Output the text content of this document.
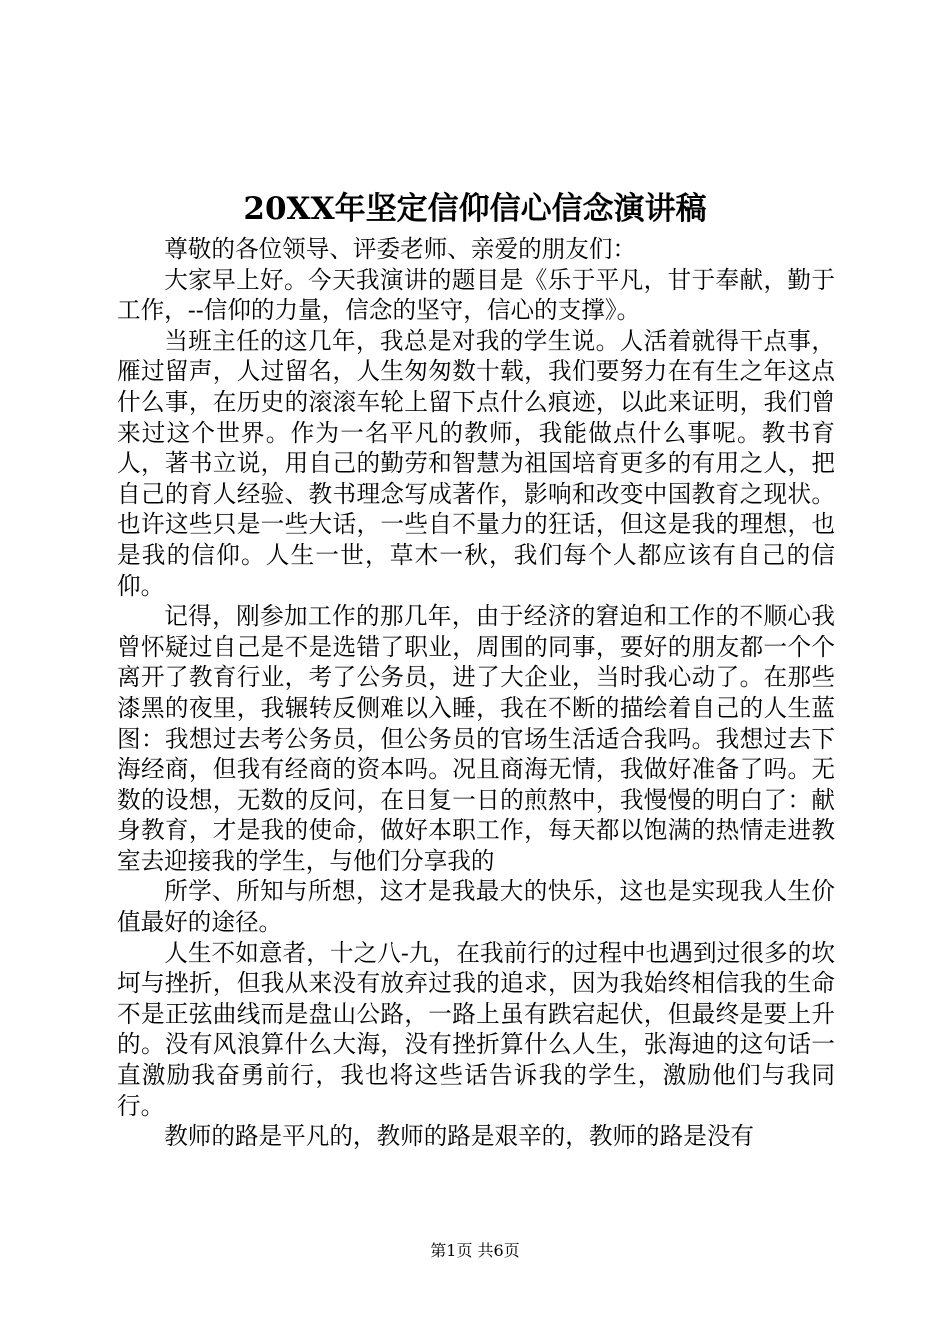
20XX年坚定信仰信心信念演讲稿

尊敬的各位领导、评委老师、亲爱的朋友们：

大家早上好。今天我演讲的题目是《乐于平凡，甘于奉献，勤于工作，--信仰的力量，信念的坚守，信心的支撑》。

当班主任的这几年，我总是对我的学生说。人活着就得干点事，雁过留声，人过留名，人生匆匆数十载，我们要努力在有生之年这点什么事，在历史的滚滚车轮上留下点什么痕迹，以此来证明，我们曾来过这个世界。作为一名平凡的教师，我能做点什么事呢。教书育人，著书立说，用自己的勤劳和智慧为祖国培育更多的有用之人，把自己的育人经验、教书理念写成著作，影响和改变中国教育之现状。也许这些只是一些大话，一些自不量力的狂话，但这是我的理想，也是我的信仰。人生一世，草木一秋，我们每个人都应该有自己的信仰。

记得，刚参加工作的那几年，由于经济的窘迫和工作的不顺心我曾怀疑过自己是不是选错了职业，周围的同事，要好的朋友都一个个离开了教育行业，考了公务员，进了大企业，当时我心动了。在那些漆黑的夜里，我辗转反侧难以入睡，我在不断的描绘着自己的人生蓝图：我想过去考公务员，但公务员的官场生活适合我吗。我想过去下海经商，但我有经商的资本吗。况且商海无情，我做好准备了吗。无数的设想，无数的反问，在日复一日的煎熬中，我慢慢的明白了：献身教育，才是我的使命，做好本职工作，每天都以饱满的热情走进教室去迎接我的学生，与他们分享我的

所学、所知与所想，这才是我最大的快乐，这也是实现我人生价值最好的途径。

人生不如意者，十之八-九，在我前行的过程中也遇到过很多的坎坷与挫折，但我从来没有放弃过我的追求，因为我始终相信我的生命不是正弦曲线而是盘山公路，一路上虽有跌宕起伏，但最终是要上升的。没有风浪算什么大海，没有挫折算什么人生，张海迪的这句话一直激励我奋勇前行，我也将这些话告诉我的学生，激励他们与我同行。

教师的路是平凡的，教师的路是艰辛的，教师的路是没有

第1页 共6页
